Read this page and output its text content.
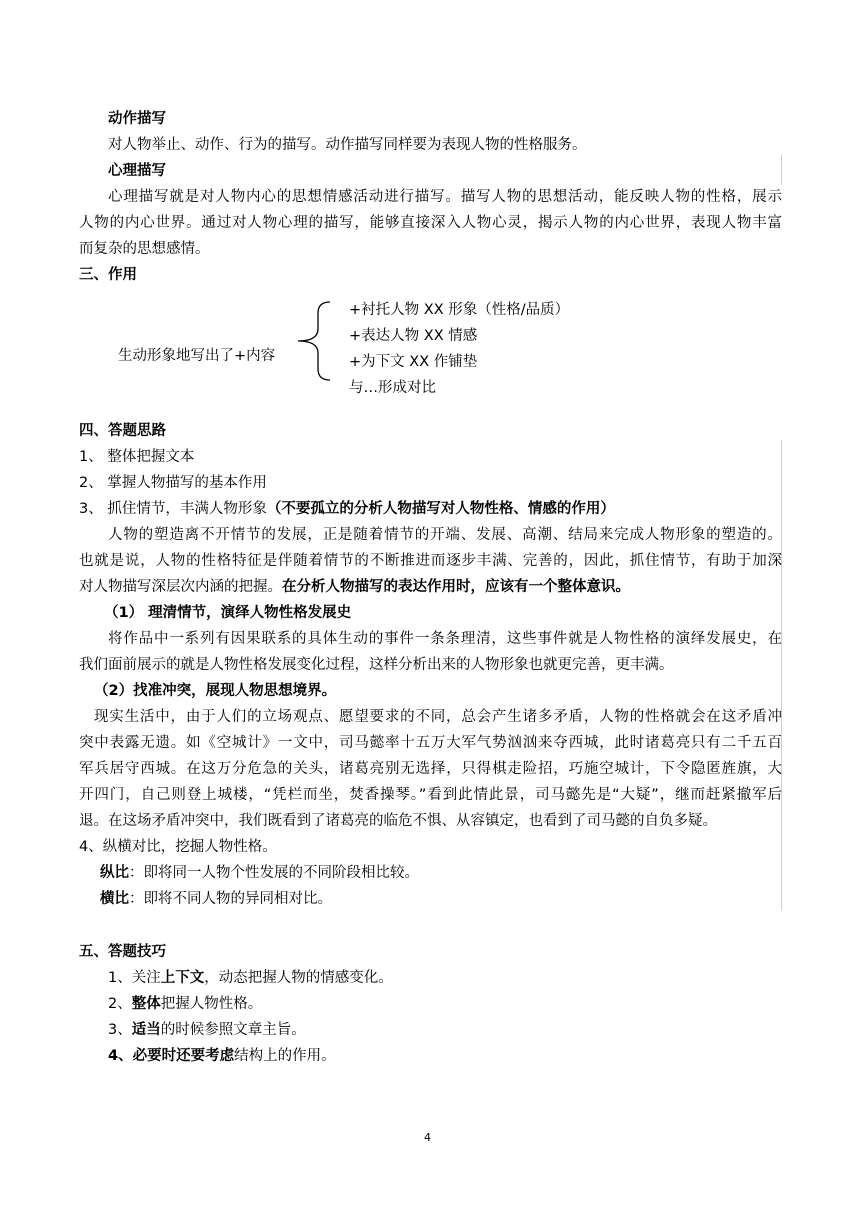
动作描写
对人物举止、动作、行为的描写。动作描写同样要为表现人物的性格服务。
心理描写
心理描写就是对人物内心的思想情感活动进行描写。描写人物的思想活动，能反映人物的性格，展示
人物的内心世界。通过对人物心理的描写，能够直接深入人物心灵，揭示人物的内心世界，表现人物丰富
而复杂的思想感情。
三、作用
生动形象地写出了+内容
+衬托人物 XX 形象（性格/品质）
+表达人物 XX 情感
+为下文 XX 作铺垫
与…形成对比
四、答题思路
1、 整体把握文本
2、 掌握人物描写的基本作用
3、 抓住情节，丰满人物形象（不要孤立的分析人物描写对人物性格、情感的作用）
人物的塑造离不开情节的发展，正是随着情节的开端、发展、高潮、结局来完成人物形象的塑造的。
也就是说，人物的性格特征是伴随着情节的不断推进而逐步丰满、完善的，因此，抓住情节，有助于加深
对人物描写深层次内涵的把握。在分析人物描写的表达作用时，应该有一个整体意识。
（1） 理清情节，演绎人物性格发展史
将作品中一系列有因果联系的具体生动的事件一条条理清，这些事件就是人物性格的演绎发展史，在
我们面前展示的就是人物性格发展变化过程，这样分析出来的人物形象也就更完善，更丰满。
（2）找准冲突，展现人物思想境界。
现实生活中，由于人们的立场观点、愿望要求的不同，总会产生诸多矛盾，人物的性格就会在这矛盾冲
突中表露无遗。如《空城计》一文中，司马懿率十五万大军气势汹汹来夺西城，此时诸葛亮只有二千五百
军兵居守西城。在这万分危急的关头，诸葛亮别无选择，只得棋走险招，巧施空城计，下令隐匿旌旗，大
开四门，自己则登上城楼，“凭栏而坐，焚香操琴。”看到此情此景，司马懿先是“大疑”，继而赶紧撤军后
退。在这场矛盾冲突中，我们既看到了诸葛亮的临危不惧、从容镇定，也看到了司马懿的自负多疑。
4、纵横对比，挖掘人物性格。
纵比：即将同一人物个性发展的不同阶段相比较。
横比：即将不同人物的异同相对比。
五、答题技巧
1、关注上下文，动态把握人物的情感变化。
2、整体把握人物性格。
3、适当的时候参照文章主旨。
4、必要时还要考虑结构上的作用。
4
